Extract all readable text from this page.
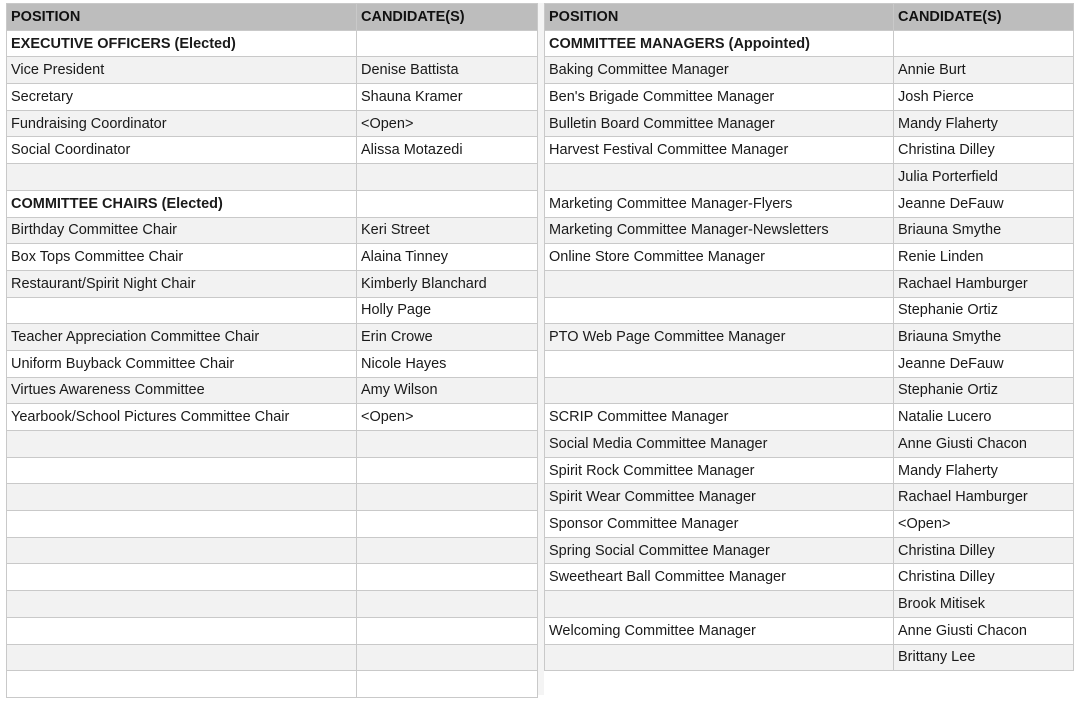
POSITION	CANDIDATE(S)
EXECUTIVE OFFICERS (Elected)	
Vice President	Denise Battista
Secretary	Shauna Kramer
Fundraising Coordinator	<Open>
Social Coordinator	Alissa Motazedi

COMMITTEE CHAIRS (Elected)	
Birthday Committee Chair	Keri Street
Box Tops Committee Chair	Alaina Tinney
Restaurant/Spirit Night Chair	Kimberly Blanchard
	Holly Page
Teacher Appreciation Committee Chair	Erin Crowe
Uniform Buyback Committee Chair	Nicole Hayes
Virtues Awareness Committee	Amy Wilson
Yearbook/School Pictures Committee Chair	<Open>

POSITION	CANDIDATE(S)
COMMITTEE MANAGERS (Appointed)	
Baking Committee Manager	Annie Burt
Ben's Brigade Committee Manager	Josh Pierce
Bulletin Board Committee Manager	Mandy Flaherty
Harvest Festival Committee Manager	Christina Dilley
	Julia Porterfield
Marketing Committee Manager-Flyers	Jeanne DeFauw
Marketing Committee Manager-Newsletters	Briauna Smythe
Online Store Committee Manager	Renie Linden
	Rachael Hamburger
	Stephanie Ortiz
PTO Web Page Committee Manager	Briauna Smythe
	Jeanne DeFauw
	Stephanie Ortiz
SCRIP Committee Manager	Natalie Lucero
Social Media Committee Manager	Anne Giusti Chacon
Spirit Rock Committee Manager	Mandy Flaherty
Spirit Wear Committee Manager	Rachael Hamburger
Sponsor Committee Manager	<Open>
Spring Social Committee Manager	Christina Dilley
Sweetheart Ball Committee Manager	Christina Dilley
	Brook Mitisek
Welcoming Committee Manager	Anne Giusti Chacon
	Brittany Lee
